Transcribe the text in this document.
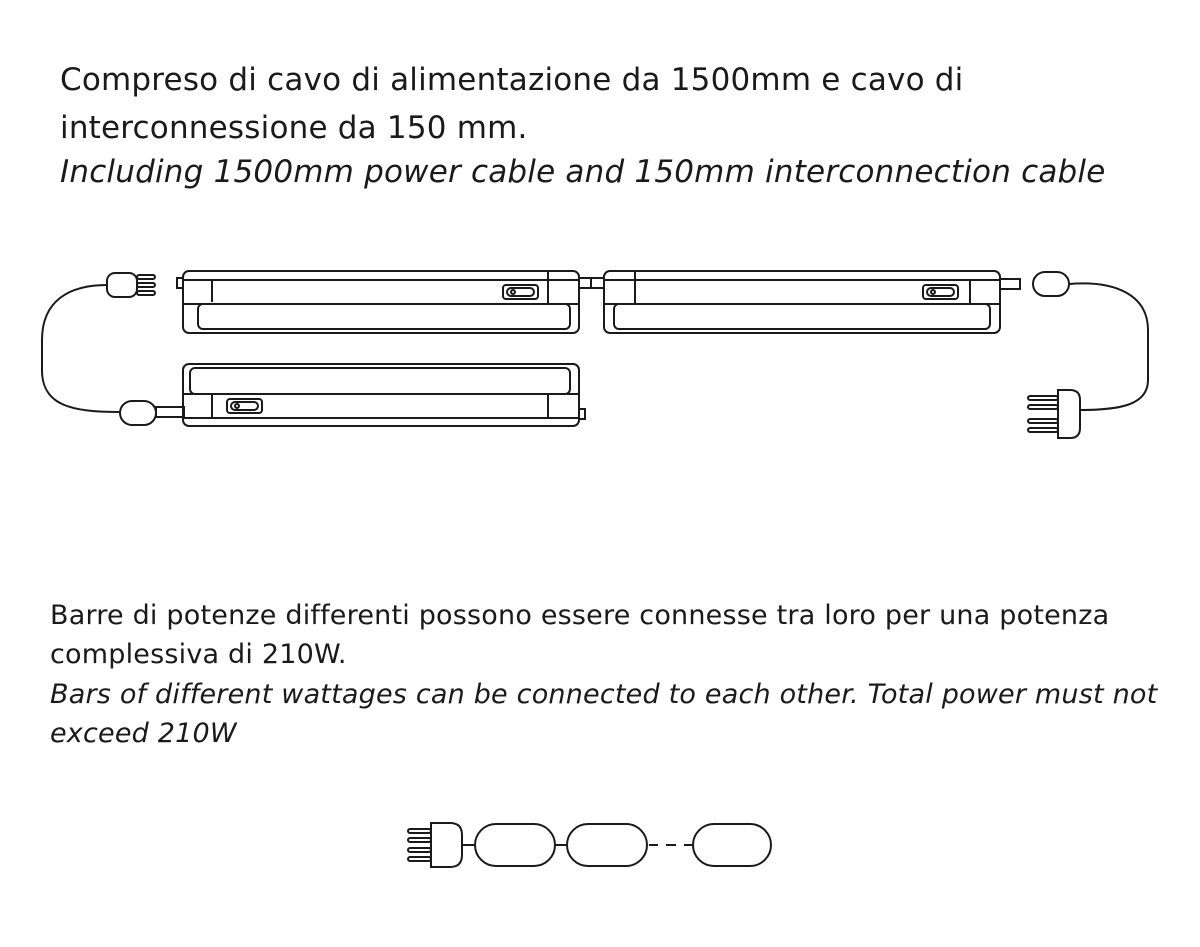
Compreso di cavo di alimentazione da 1500mm e cavo di

interconnessione da 150 mm.

Including 1500mm power cable and 150mm interconnection cable

Barre di potenze differenti possono essere connesse tra loro per una potenza

complessiva di 210W.

Bars of different wattages can be connected to each other. Total power must not

exceed 210W
